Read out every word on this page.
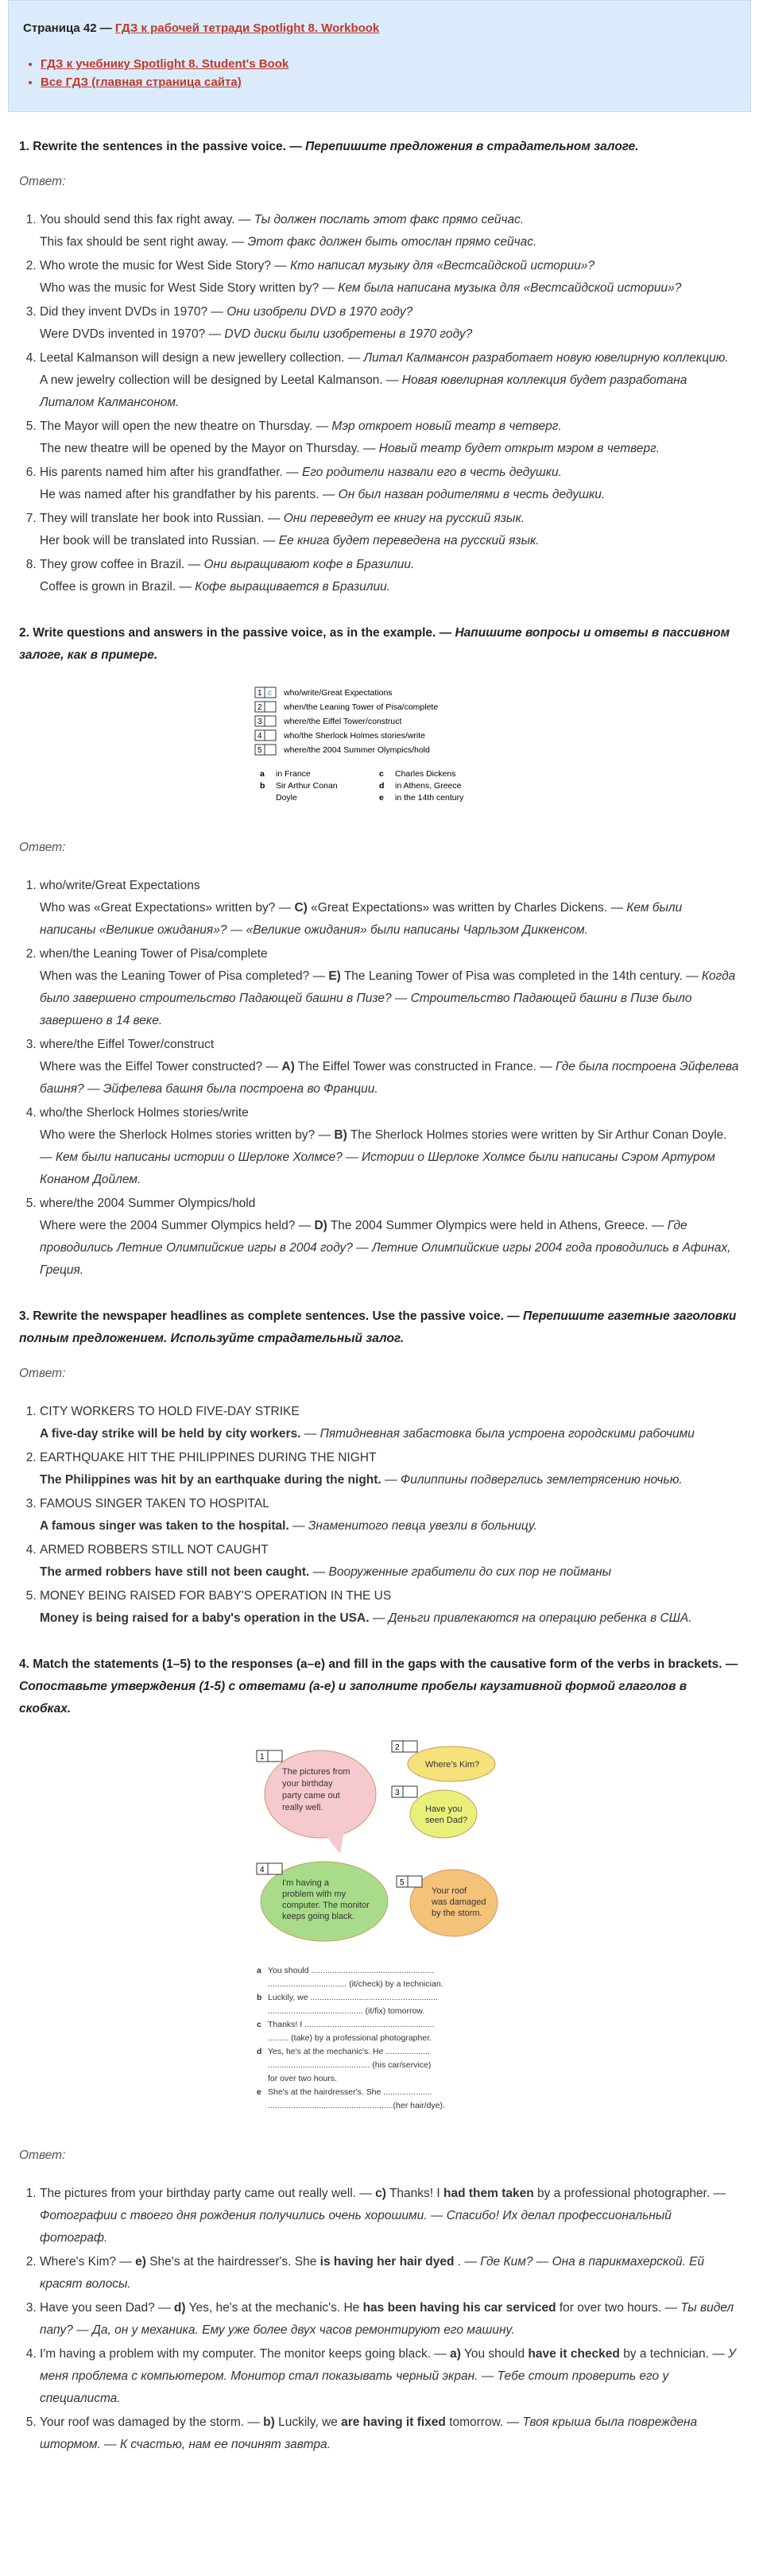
Страница 42 — ГДЗ к рабочей тетради Spotlight 8. Workbook
• ГДЗ к учебнику Spotlight 8. Student's Book
• Все ГДЗ (главная страница сайта)
1. Rewrite the sentences in the passive voice. — Перепишите предложения в страдательном залоге.
Ответ:
1. You should send this fax right away. — Ты должен послать этот факс прямо сейчас.
This fax should be sent right away. — Этот факс должен быть отослан прямо сейчас.
2. Who wrote the music for West Side Story? — Кто написал музыку для «Вестсайдской истории»?
Who was the music for West Side Story written by? — Кем была написана музыка для «Вестсайдской истории»?
3. Did they invent DVDs in 1970? — Они изобрели DVD в 1970 году?
Were DVDs invented in 1970? — DVD диски были изобретены в 1970 году?
4. Leetal Kalmanson will design a new jewellery collection. — Литал Калмансон разработает новую ювелирную коллекцию.
A new jewelry collection will be designed by Leetal Kalmanson. — Новая ювелирная коллекция будет разработана Литалом Калмансоном.
5. The Mayor will open the new theatre on Thursday. — Мэр откроет новый театр в четверг.
The new theatre will be opened by the Mayor on Thursday. — Новый театр будет открыт мэром в четверг.
6. His parents named him after his grandfather. — Его родители назвали его в честь дедушки.
He was named after his grandfather by his parents. — Он был назван родителями в честь дедушки.
7. They will translate her book into Russian. — Они переведут ее книгу на русский язык.
Her book will be translated into Russian. — Ее книга будет переведена на русский язык.
8. They grow coffee in Brazil. — Они выращивают кофе в Бразилии.
Coffee is grown in Brazil. — Кофе выращивается в Бразилии.
2. Write questions and answers in the passive voice, as in the example. — Напишите вопросы и ответы в пассивном залоге, как в примере.
1 c who/write/Great Expectations
2	when/the Leaning Tower of Pisa/complete
3	where/the Eiffel Tower/construct
4	who/the Sherlock Holmes stories/write
5	where/the 2004 Summer Olympics/hold
a in France
b Sir Arthur Conan
Doyle
c Charles Dickens
d in Athens, Greece
e in the 14th century
Ответ:
1. who/write/Great Expectations
Who was «Great Expectations» written by? — C) «Great Expectations» was written by Charles Dickens. — Кем были написаны «Великие ожидания»? — «Великие ожидания» были написаны Чарльзом Диккенсом.
2. when/the Leaning Tower of Pisa/complete
When was the Leaning Tower of Pisa completed? — E) The Leaning Tower of Pisa was completed in the 14th century. — Когда было завершено строительство Падающей башни в Пизе? — Строительство Падающей башни в Пизе было завершено в 14 веке.
3. where/the Eiffel Tower/construct
Where was the Eiffel Tower constructed? — A) The Eiffel Tower was constructed in France. — Где была построена Эйфелева башня? — Эйфелева башня была построена во Франции.
4. who/the Sherlock Holmes stories/write
Who were the Sherlock Holmes stories written by? — B) The Sherlock Holmes stories were written by Sir Arthur Conan Doyle. — Кем были написаны истории о Шерлоке Холмсе? — Истории о Шерлоке Холмсе были написаны Сэром Артуром Конаном Дойлем.
5. where/the 2004 Summer Olympics/hold
Where were the 2004 Summer Olympics held? — D) The 2004 Summer Olympics were held in Athens, Greece. — Где проводились Летние Олимпийские игры в 2004 году? — Летние Олимпийские игры 2004 года проводились в Афинах, Греция.
3. Rewrite the newspaper headlines as complete sentences. Use the passive voice. — Перепишите газетные заголовки полным предложением. Используйте страдательный залог.
Ответ:
1. CITY WORKERS TO HOLD FIVE-DAY STRIKE
A five-day strike will be held by city workers. — Пятидневная забастовка была устроена городскими рабочими
2. EARTHQUAKE HIT THE PHILIPPINES DURING THE NIGHT
The Philippines was hit by an earthquake during the night. — Филиппины подверглись землетрясению ночью.
3. FAMOUS SINGER TAKEN TO HOSPITAL
A famous singer was taken to the hospital. — Знаменитого певца увезли в больницу.
4. ARMED ROBBERS STILL NOT CAUGHT
The armed robbers have still not been caught. — Вооруженные грабители до сих пор не пойманы
5. MONEY BEING RAISED FOR BABY'S OPERATION IN THE US
Money is being raised for a baby's operation in the USA. — Деньги привлекаются на операцию ребенка в США.
4. Match the statements (1–5) to the responses (a–e) and fill in the gaps with the causative form of the verbs in brackets. — Сопоставьте утверждения (1-5) с ответами (a-e) и заполните пробелы каузативной формой глаголов в скобках.
1
The pictures from
your birthday
party came out
really well.
2
Where's Kim?
3
Have you
seen Dad?
4
I'm having a
problem with my
computer. The monitor
keeps going black.
5
Your roof
was damaged
by the storm.
a You should .....................................................
.................................. (it/check) by a technician.
b Luckily, we .......................................................
......................................... (it/fix) tomorrow.
c Thanks! I ........................................................
......... (take) by a professional photographer.
d Yes, he's at the mechanic's. He ...................
............................................ (his car/service)
for over two hours.
e She's at the hairdresser's. She .....................
......................................................(her hair/dye).
Ответ:
1. The pictures from your birthday party came out really well. — c) Thanks! I had them taken by a professional photographer. — Фотографии с твоего дня рождения получились очень хорошими. — Спасибо! Их делал профессиональный фотограф.
2. Where's Kim? — e) She's at the hairdresser's. She is having her hair dyed . — Где Ким? — Она в парикмахерской. Ей красят волосы.
3. Have you seen Dad? — d) Yes, he's at the mechanic's. He has been having his car serviced for over two hours. — Ты видел папу? — Да, он у механика. Ему уже более двух часов ремонтируют его машину.
4. I'm having a problem with my computer. The monitor keeps going black. — a) You should have it checked by a technician. — У меня проблема с компьютером. Монитор стал показывать черный экран. — Тебе стоит проверить его у специалиста.
5. Your roof was damaged by the storm. — b) Luckily, we are having it fixed tomorrow. — Твоя крыша была повреждена штормом. — К счастью, нам ее починят завтра.
